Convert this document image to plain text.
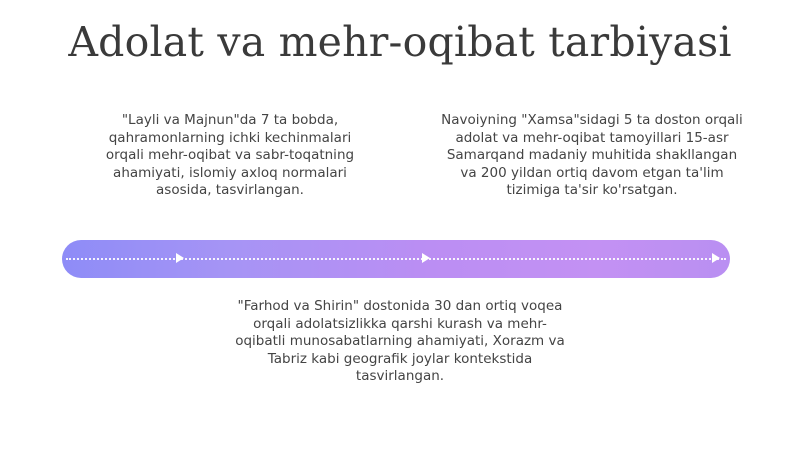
Adolat va mehr-oqibat tarbiyasi
"Layli va Majnun"da 7 ta bobda,
qahramonlarning ichki kechinmalari
orqali mehr-oqibat va sabr-toqatning
ahamiyati, islomiy axloq normalari
asosida, tasvirlangan.
Navoiyning "Xamsa"sidagi 5 ta doston orqali
adolat va mehr-oqibat tamoyillari 15-asr
Samarqand madaniy muhitida shakllangan
va 200 yildan ortiq davom etgan ta'lim
tizimiga ta'sir ko'rsatgan.
"Farhod va Shirin" dostonida 30 dan ortiq voqea
orqali adolatsizlikka qarshi kurash va mehr-
oqibatli munosabatlarning ahamiyati, Xorazm va
Tabriz kabi geografik joylar kontekstida
tasvirlangan.
